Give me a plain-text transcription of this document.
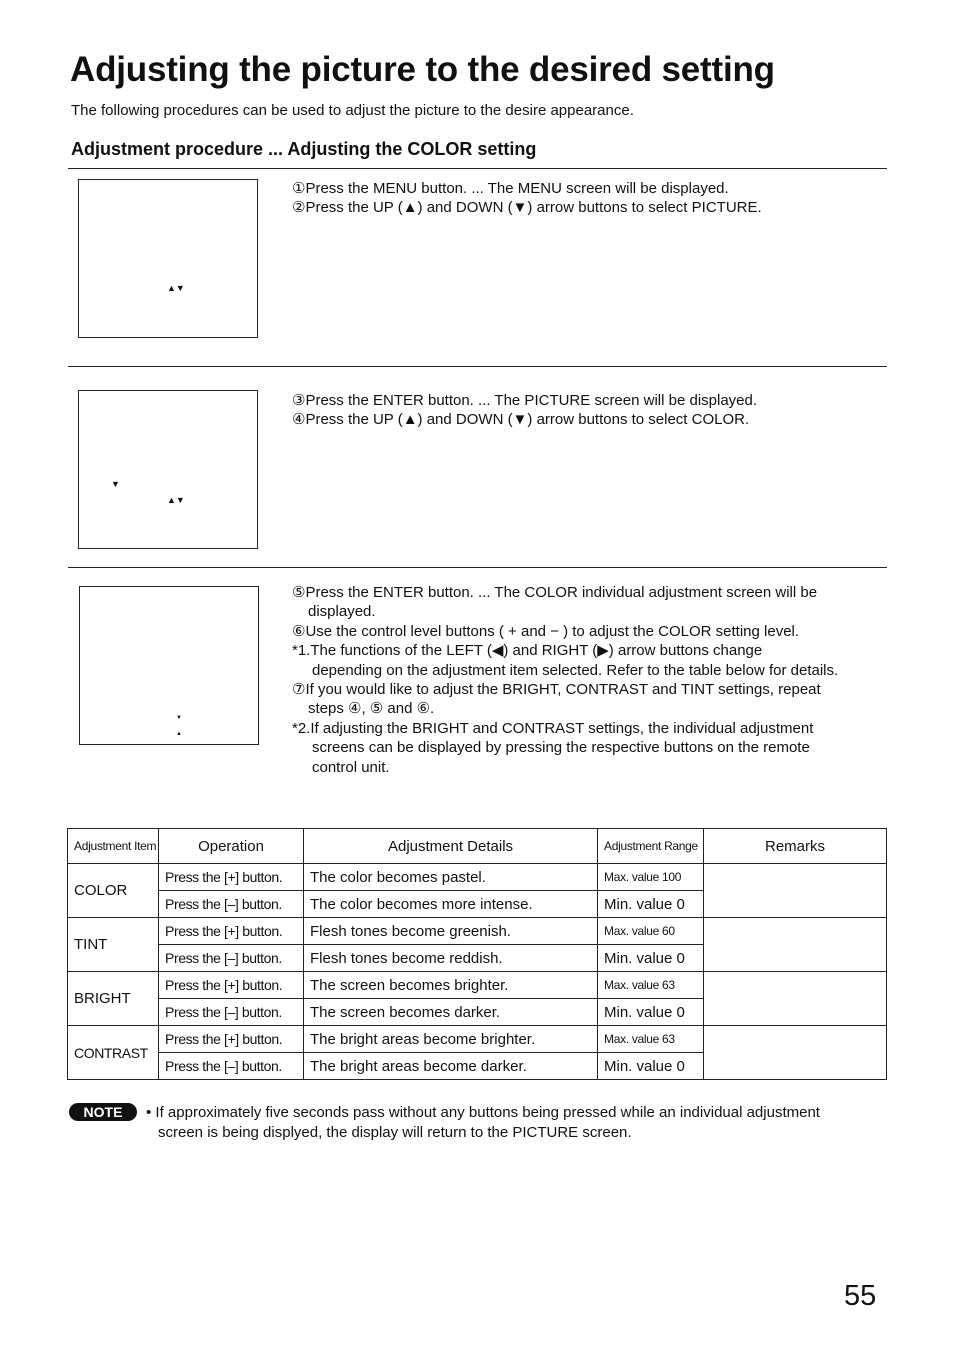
Adjusting the picture to the desired setting
The following procedures can be used to adjust the picture to the desire appearance.
Adjustment procedure ... Adjusting the COLOR setting
▲▼

①Press the MENU button. ... The MENU screen will be displayed.

②Press the UP (▲) and DOWN (▼) arrow buttons to select PICTURE.

▼
▲▼

③Press the ENTER button. ... The PICTURE screen will be displayed.

④Press the UP (▲) and DOWN (▼) arrow buttons to select COLOR.

▼
▲

⑤Press the ENTER button. ... The COLOR individual adjustment screen will be

displayed.

⑥Use the control level buttons ( + and − ) to adjust the COLOR setting level.

*1.The functions of the LEFT (◀) and RIGHT (▶) arrow buttons change

depending on the adjustment item selected. Refer to the table below for details.

⑦If you would like to adjust the BRIGHT, CONTRAST and TINT settings, repeat

steps ④, ⑤ and ⑥.

*2.If adjusting the BRIGHT and CONTRAST settings, the individual adjustment

screens can be displayed by pressing the respective buttons on the remote

control unit.

Adjustment Item	Operation	Adjustment Details	Adjustment Range	Remarks
COLOR	Press the [+] button.	The color becomes pastel.	Max. value 100	
	Press the [–] button.	The color becomes more intense.	Min. value 0	
TINT	Press the [+] button.	Flesh tones become greenish.	Max. value 60	
	Press the [–] button.	Flesh tones become reddish.	Min. value 0	
BRIGHT	Press the [+] button.	The screen becomes brighter.	Max. value 63	
	Press the [–] button.	The screen becomes darker.	Min. value 0	
CONTRAST	Press the [+] button.	The bright areas become brighter.	Max. value 63	
	Press the [–] button.	The bright areas become darker.	Min. value 0	
NOTE	• If approximately five seconds pass without any buttons being pressed while an individual adjustment
screen is being displyed, the display will return to the PICTURE screen.
55
